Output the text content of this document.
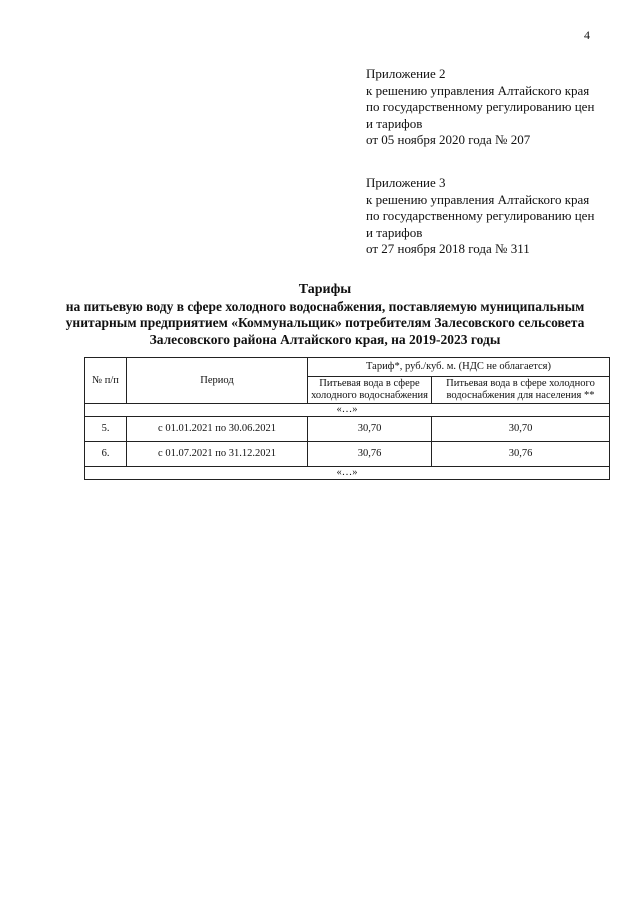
4
Приложение 2
к решению управления Алтайского края
по государственному регулированию цен
и тарифов
от 05 ноября 2020 года № 207
Приложение 3
к решению управления Алтайского края
по государственному регулированию цен
и тарифов
от 27 ноября 2018 года № 311
Тарифы
на питьевую воду в сфере холодного водоснабжения, поставляемую муниципальным
унитарным предприятием «Коммунальщик» потребителям Залесовского сельсовета
Залесовского района Алтайского края, на 2019-2023 годы
№ п/п	Период	Тариф*, руб./куб. м. (НДС не облагается)	
		Питьевая вода в сфере холодного водоснабжения	Питьевая вода в сфере холодного водоснабжения для населения **
«…»			
5.	с 01.01.2021 по 30.06.2021	30,70	30,70
6.	с 01.07.2021 по 31.12.2021	30,76	30,76
«…»			
